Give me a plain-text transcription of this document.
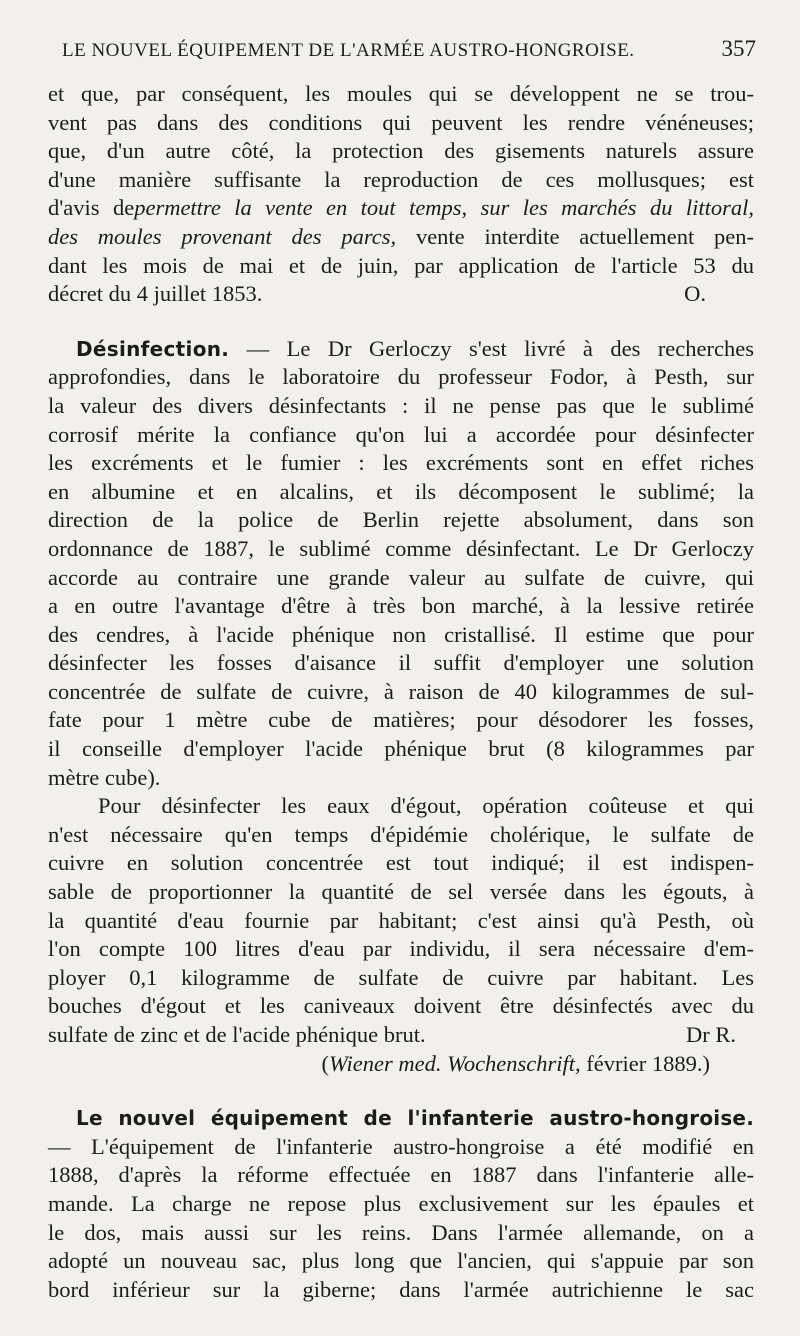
LE NOUVEL ÉQUIPEMENT DE L'ARMÉE AUSTRO-HONGROISE.	357

et que, par conséquent, les moules qui se développent ne se trou-
vent pas dans des conditions qui peuvent les rendre vénéneuses;
que, d'un autre côté, la protection des gisements naturels assure
d'une manière suffisante la reproduction de ces mollusques; est
d'avis depermettre la vente en tout temps, sur les marchés du littoral,
des moules provenant des parcs, vente interdite actuellement pen-
dant les mois de mai et de juin, par application de l'article 53 du
décret du 4 juillet 1853.	O.

Désinfection. — Le Dr Gerloczy s'est livré à des recherches
approfondies, dans le laboratoire du professeur Fodor, à Pesth, sur
la valeur des divers désinfectants : il ne pense pas que le sublimé
corrosif mérite la confiance qu'on lui a accordée pour désinfecter
les excréments et le fumier : les excréments sont en effet riches
en albumine et en alcalins, et ils décomposent le sublimé; la
direction de la police de Berlin rejette absolument, dans son
ordonnance de 1887, le sublimé comme désinfectant. Le Dr Gerloczy
accorde au contraire une grande valeur au sulfate de cuivre, qui
a en outre l'avantage d'être à très bon marché, à la lessive retirée
des cendres, à l'acide phénique non cristallisé. Il estime que pour
désinfecter les fosses d'aisance il suffit d'employer une solution
concentrée de sulfate de cuivre, à raison de 40 kilogrammes de sul-
fate pour 1 mètre cube de matières; pour désodorer les fosses,
il conseille d'employer l'acide phénique brut (8 kilogrammes par
mètre cube).

Pour désinfecter les eaux d'égout, opération coûteuse et qui
n'est nécessaire qu'en temps d'épidémie cholérique, le sulfate de
cuivre en solution concentrée est tout indiqué; il est indispen-
sable de proportionner la quantité de sel versée dans les égouts, à
la quantité d'eau fournie par habitant; c'est ainsi qu'à Pesth, où
l'on compte 100 litres d'eau par individu, il sera nécessaire d'em-
ployer 0,1 kilogramme de sulfate de cuivre par habitant. Les
bouches d'égout et les caniveaux doivent être désinfectés avec du
sulfate de zinc et de l'acide phénique brut.	Dr R.
(Wiener med. Wochenschrift, février 1889.)

Le nouvel équipement de l'infanterie austro-hongroise.
— L'équipement de l'infanterie austro-hongroise a été modifié en
1888, d'après la réforme effectuée en 1887 dans l'infanterie alle-
mande. La charge ne repose plus exclusivement sur les épaules et
le dos, mais aussi sur les reins. Dans l'armée allemande, on a
adopté un nouveau sac, plus long que l'ancien, qui s'appuie par son
bord inférieur sur la giberne; dans l'armée autrichienne le sac
